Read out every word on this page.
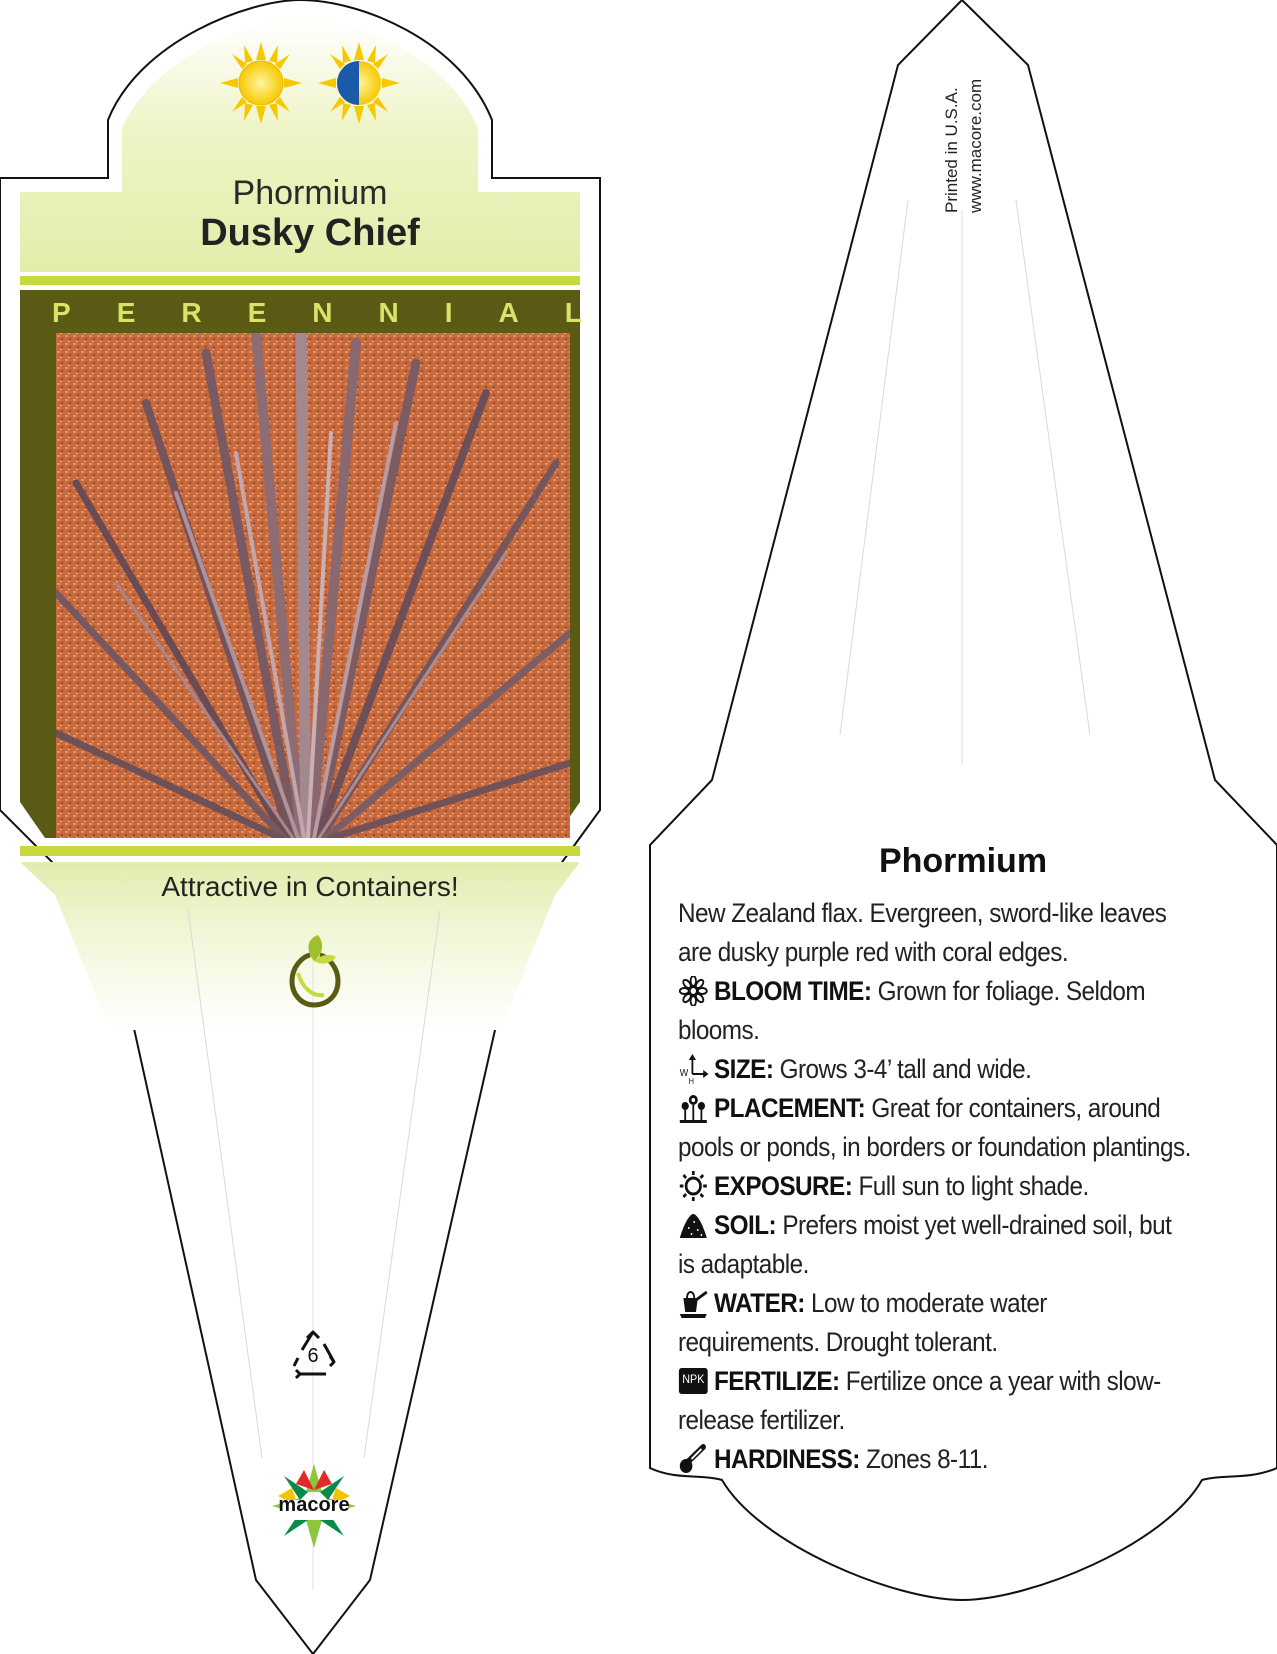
Phormium
Dusky Chief
P E R E N N I A L
Attractive in Containers!
6
macore
Printed in U.S.A. www.macore.com
Phormium

New Zealand flax. Evergreen, sword-like leaves are dusky purple red with coral edges.

BLOOM TIME: Grown for foliage. Seldom blooms.
W
H SIZE: Grows 3-4’ tall and wide.
PLACEMENT: Great for containers, around pools or ponds, in borders or foundation plantings.
EXPOSURE: Full sun to light shade.
SOIL: Prefers moist yet well-drained soil, but is adaptable.
WATER: Low to moderate water requirements. Drought tolerant.
NPK FERTILIZE: Fertilize once a year with slow-release fertilizer.
HARDINESS: Zones 8-11.
